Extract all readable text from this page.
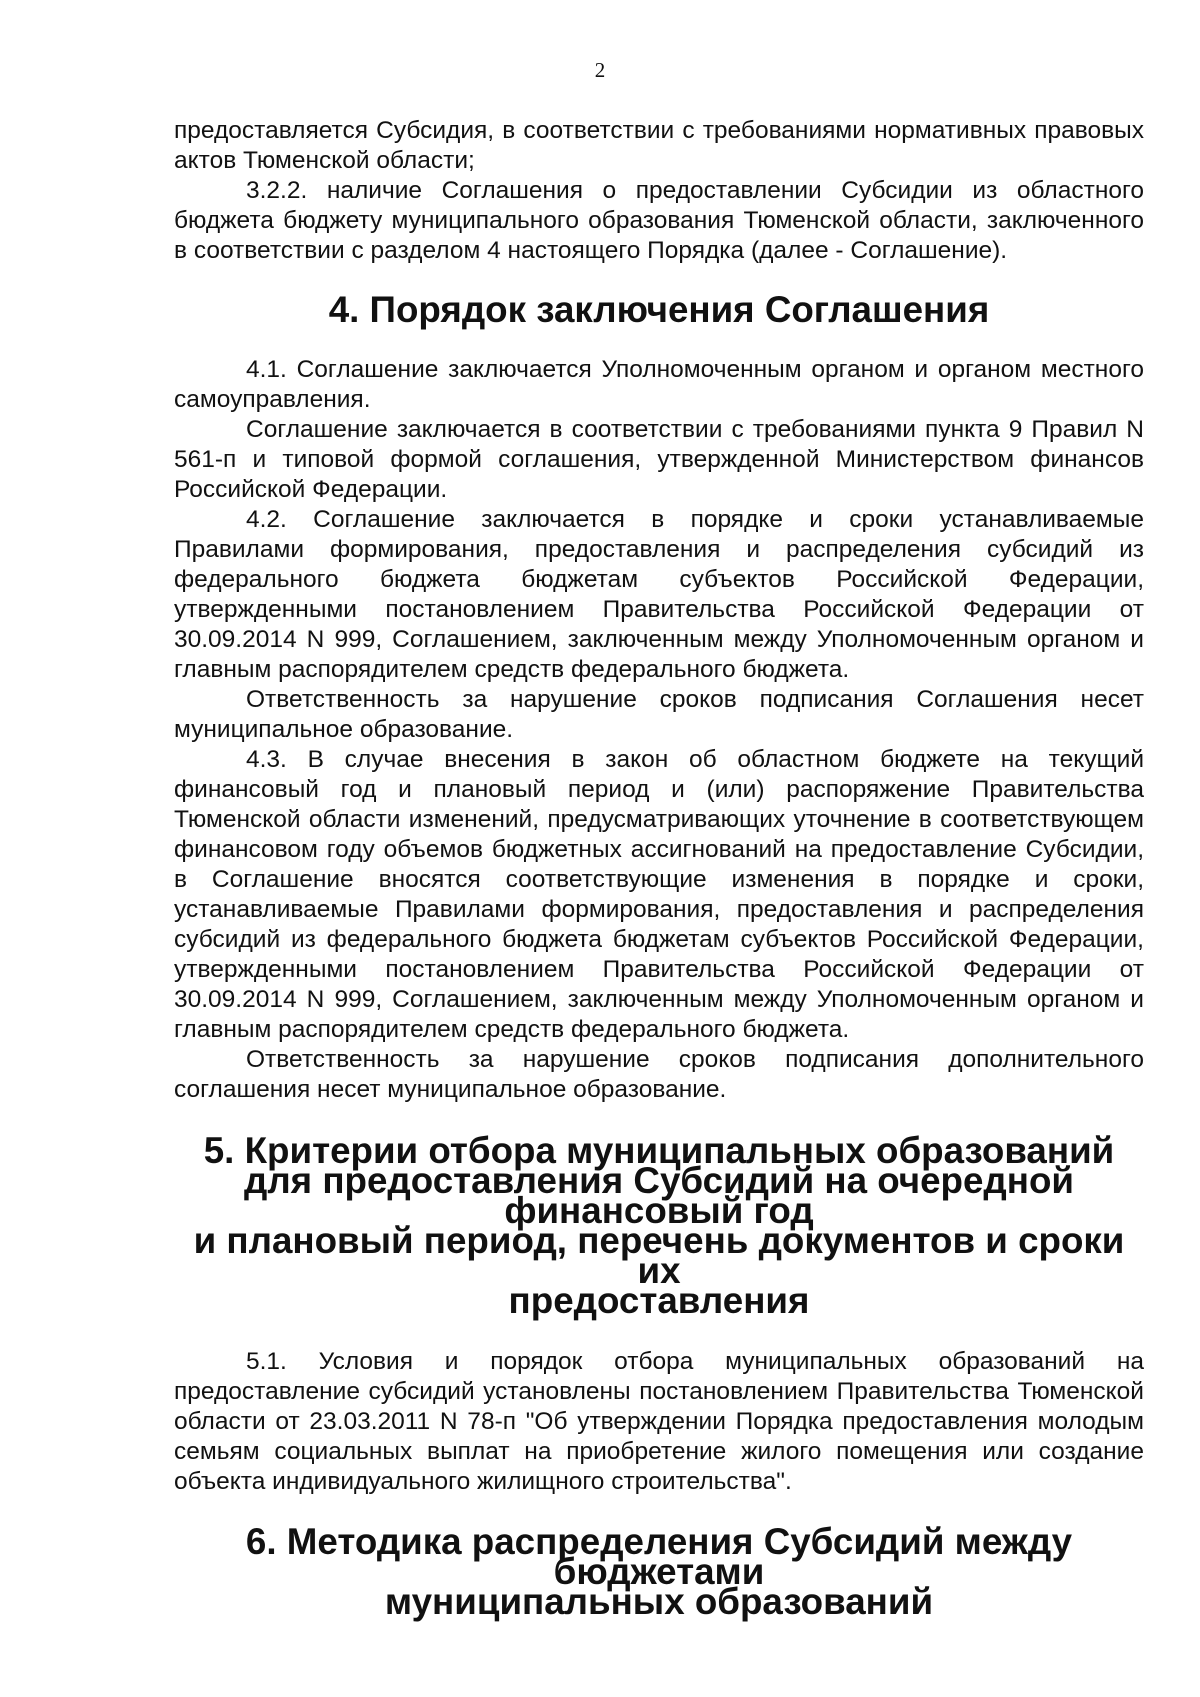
2

предоставляется Субсидия, в соответствии с требованиями нормативных правовых актов Тюменской области;

3.2.2. наличие Соглашения о предоставлении Субсидии из областного бюджета бюджету муниципального образования Тюменской области, заключенного в соответствии с разделом 4 настоящего Порядка (далее - Соглашение).

4. Порядок заключения Соглашения

4.1. Соглашение заключается Уполномоченным органом и органом местного самоуправления.

Соглашение заключается в соответствии с требованиями пункта 9 Правил N 561-п и типовой формой соглашения, утвержденной Министерством финансов Российской Федерации.

4.2. Соглашение заключается в порядке и сроки устанавливаемые Правилами формирования, предоставления и распределения субсидий из федерального бюджета бюджетам субъектов Российской Федерации, утвержденными постановлением Правительства Российской Федерации от 30.09.2014 N 999, Соглашением, заключенным между Уполномоченным органом и главным распорядителем средств федерального бюджета.

Ответственность за нарушение сроков подписания Соглашения несет муниципальное образование.

4.3. В случае внесения в закон об областном бюджете на текущий финансовый год и плановый период и (или) распоряжение Правительства Тюменской области изменений, предусматривающих уточнение в соответствующем финансовом году объемов бюджетных ассигнований на предоставление Субсидии, в Соглашение вносятся соответствующие изменения в порядке и сроки, устанавливаемые Правилами формирования, предоставления и распределения субсидий из федерального бюджета бюджетам субъектов Российской Федерации, утвержденными постановлением Правительства Российской Федерации от 30.09.2014 N 999, Соглашением, заключенным между Уполномоченным органом и главным распорядителем средств федерального бюджета.

Ответственность за нарушение сроков подписания дополнительного соглашения несет муниципальное образование.

5. Критерии отбора муниципальных образований
для предоставления Субсидий на очередной финансовый год
и плановый период, перечень документов и сроки их
предоставления

5.1. Условия и порядок отбора муниципальных образований на предоставление субсидий установлены постановлением Правительства Тюменской области от 23.03.2011 N 78-п "Об утверждении Порядка предоставления молодым семьям социальных выплат на приобретение жилого помещения или создание объекта индивидуального жилищного строительства".

6. Методика распределения Субсидий между бюджетами
муниципальных образований
